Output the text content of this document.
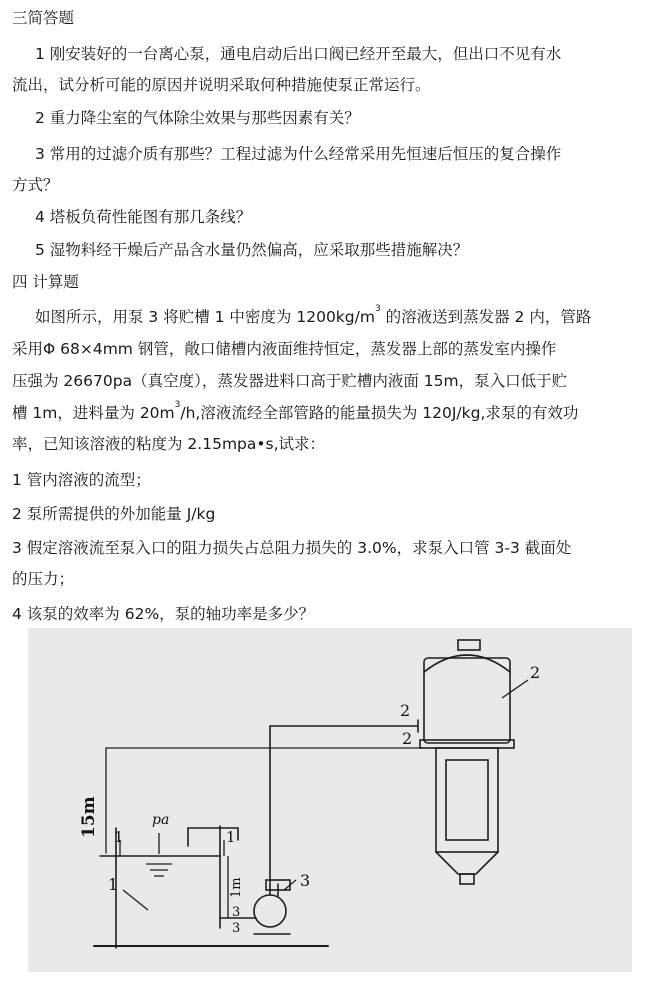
三简答题
1 刚安装好的一台离心泵，通电启动后出口阀已经开至最大，但出口不见有水
流出，试分析可能的原因并说明采取何种措施使泵正常运行。
2 重力降尘室的气体除尘效果与那些因素有关？
3 常用的过滤介质有那些？工程过滤为什么经常采用先恒速后恒压的复合操作
方式？
4 塔板负荷性能图有那几条线？
5 湿物料经干燥后产品含水量仍然偏高，应采取那些措施解决？
四 计算题
如图所示，用泵 3 将贮槽 1 中密度为 $1200kg/m^3$ 的溶液送到蒸发器 2 内，管路
采用Φ 68×4mm 钢管，敞口储槽内液面维持恒定，蒸发器上部的蒸发室内操作
压强为 26670pa（真空度），蒸发器进料口高于贮槽内液面 15m，泵入口低于贮
槽 1m，进料量为 $20m^3/h$,溶液流经全部管路的能量损失为 120J/kg,求泵的有效功
率，已知该溶液的粘度为 2.15mpa•s,试求：
1 管内溶液的流型；
2 泵所需提供的外加能量 J/kg
3 假定溶液流至泵入口的阻力损失占总阻力损失的 3.0%，求泵入口管 3-3 截面处
的压力；
4 该泵的效率为 62%，泵的轴功率是多少？
15m
1m
pa
1
1	1
2
2
2
3
3
3
